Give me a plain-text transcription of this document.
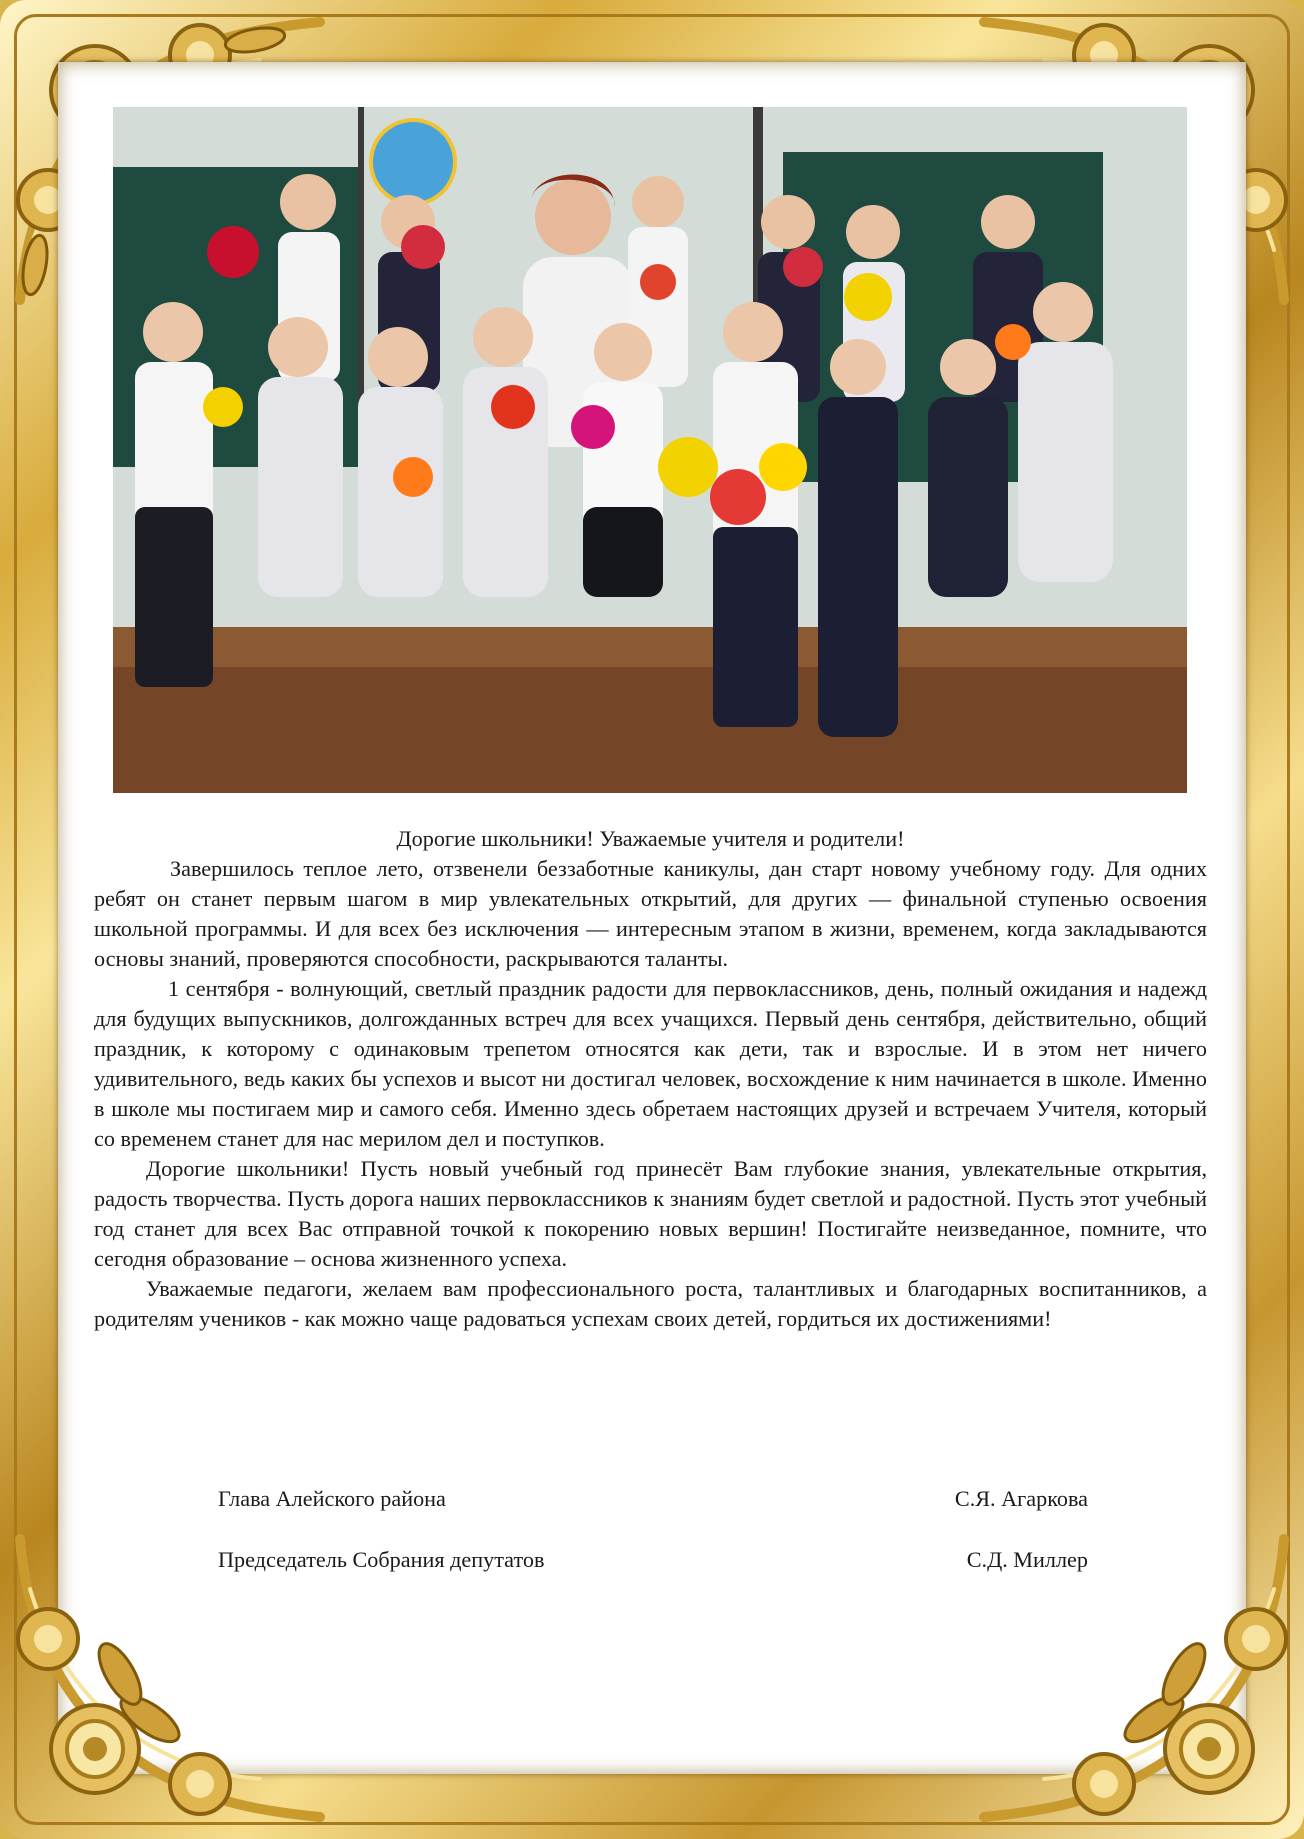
Дорогие школьники! Уважаемые учителя и родители!

Завершилось теплое лето, отзвенели беззаботные каникулы, дан старт новому учебному году. Для одних ребят он станет первым шагом в мир увлекательных открытий, для других — финальной ступенью освоения школьной программы. И для всех без исключения — интересным этапом в жизни, временем, когда закладываются основы знаний, проверяются способности, раскрываются таланты.

1 сентября - волнующий, светлый праздник радости для первоклассников, день, полный ожидания и надежд для будущих выпускников, долгожданных встреч для всех учащихся. Первый день сентября, действительно, общий праздник, к которому с одинаковым трепетом относятся как дети, так и взрослые. И в этом нет ничего удивительного, ведь каких бы успехов и высот ни достигал человек, восхождение к ним начинается в школе. Именно в школе мы постигаем мир и самого себя. Именно здесь обретаем настоящих друзей и встречаем Учителя, который со временем станет для нас мерилом дел и поступков.

Дорогие школьники! Пусть новый учебный год принесёт Вам глубокие знания, увлекательные открытия, радость творчества. Пусть дорога наших первоклассников к знаниям будет светлой и радостной. Пусть этот учебный год станет для всех Вас отправной точкой к покорению новых вершин! Постигайте неизведанное, помните, что сегодня образование – основа жизненного успеха.

Уважаемые педагоги, желаем вам профессионального роста, талантливых и благодарных воспитанников, а родителям учеников - как можно чаще радоваться успехам своих детей, гордиться их достижениями!

Глава Алейского района	С.Я. Агаркова
Председатель Собрания депутатов	С.Д. Миллер
